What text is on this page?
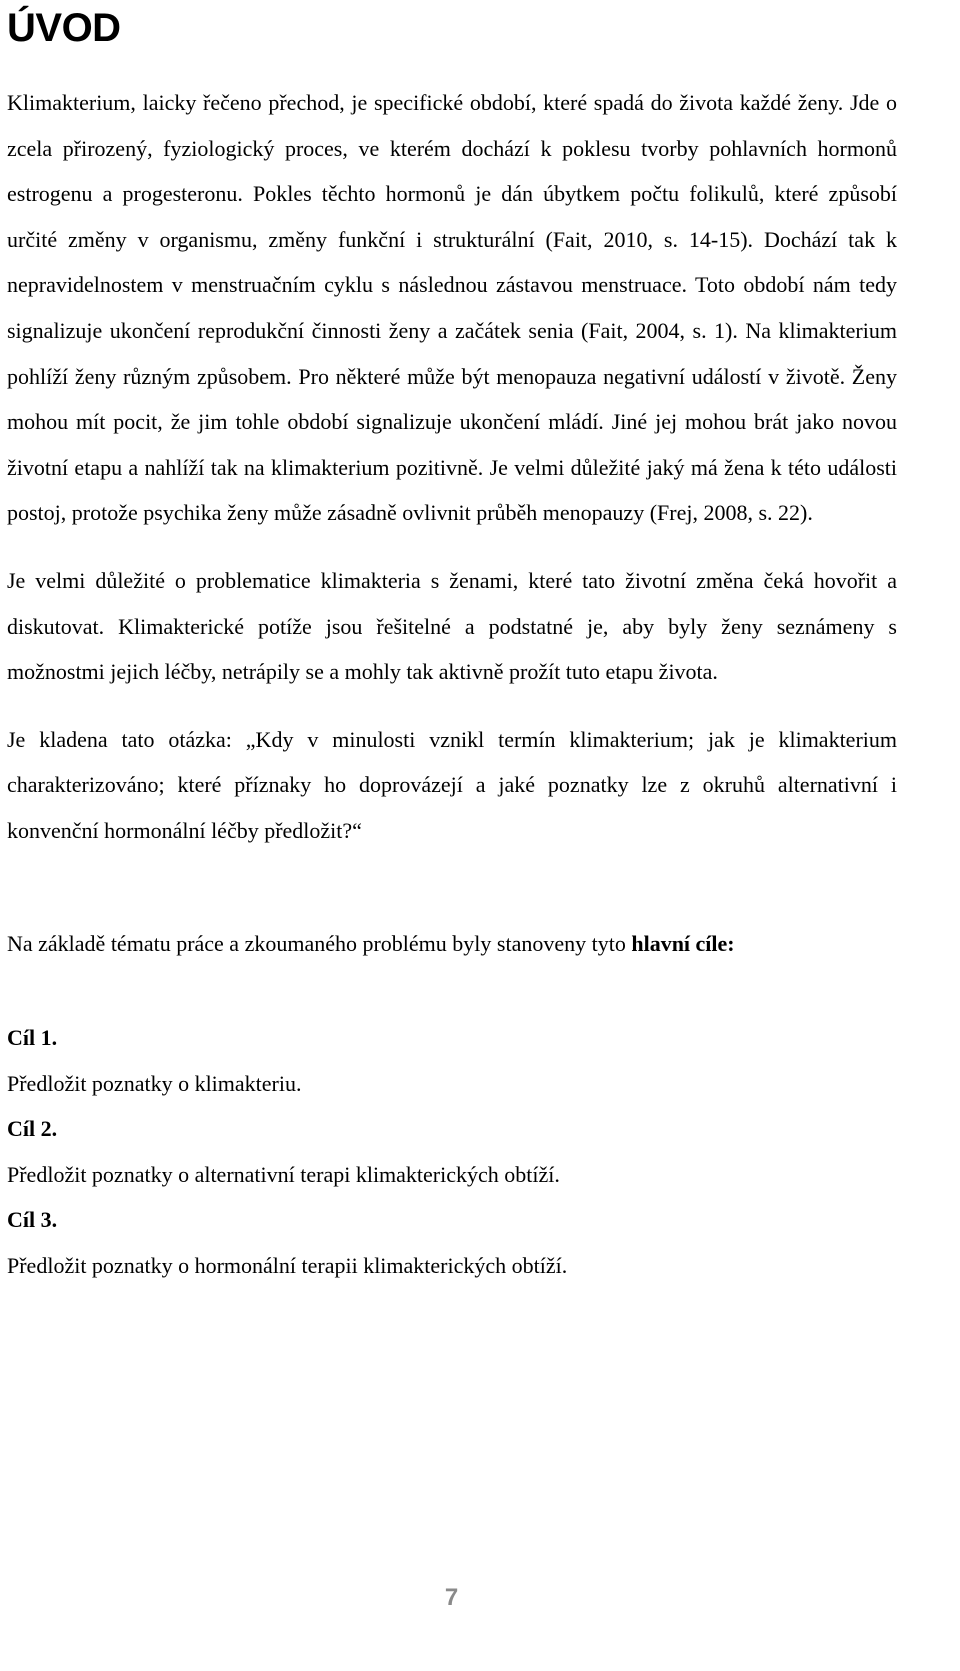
ÚVOD

Klimakterium, laicky řečeno přechod, je specifické období, které spadá do života každé ženy. Jde o zcela přirozený, fyziologický proces, ve kterém dochází k poklesu tvorby pohlavních hormonů estrogenu a progesteronu. Pokles těchto hormonů je dán úbytkem počtu folikulů, které způsobí určité změny v organismu, změny funkční i strukturální (Fait, 2010, s. 14-15). Dochází tak k nepravidelnostem v menstruačním cyklu s následnou zástavou menstruace. Toto období nám tedy signalizuje ukončení reprodukční činnosti ženy a začátek senia (Fait, 2004, s. 1). Na klimakterium pohlíží ženy různým způsobem. Pro některé může být menopauza negativní událostí v životě. Ženy mohou mít pocit, že jim tohle období signalizuje ukončení mládí. Jiné jej mohou brát jako novou životní etapu a nahlíží tak na klimakterium pozitivně. Je velmi důležité jaký má žena k této události postoj, protože psychika ženy může zásadně ovlivnit průběh menopauzy (Frej, 2008, s. 22).

Je velmi důležité o problematice klimakteria s ženami, které tato životní změna čeká hovořit a diskutovat. Klimakterické potíže jsou řešitelné a podstatné je, aby byly ženy seznámeny s možnostmi jejich léčby, netrápily se a mohly tak aktivně prožít tuto etapu života.

Je kladena tato otázka: „Kdy v minulosti vznikl termín klimakterium; jak je klimakterium charakterizováno; které příznaky ho doprovázejí a jaké poznatky lze z okruhů alternativní i konvenční hormonální léčby předložit?“

Na základě tématu práce a zkoumaného problému byly stanoveny tyto hlavní cíle:

Cíl 1.

Předložit poznatky o klimakteriu.

Cíl 2.

Předložit poznatky o alternativní terapi klimakterických obtíží.

Cíl 3.

Předložit poznatky o hormonální terapii klimakterických obtíží.

7
